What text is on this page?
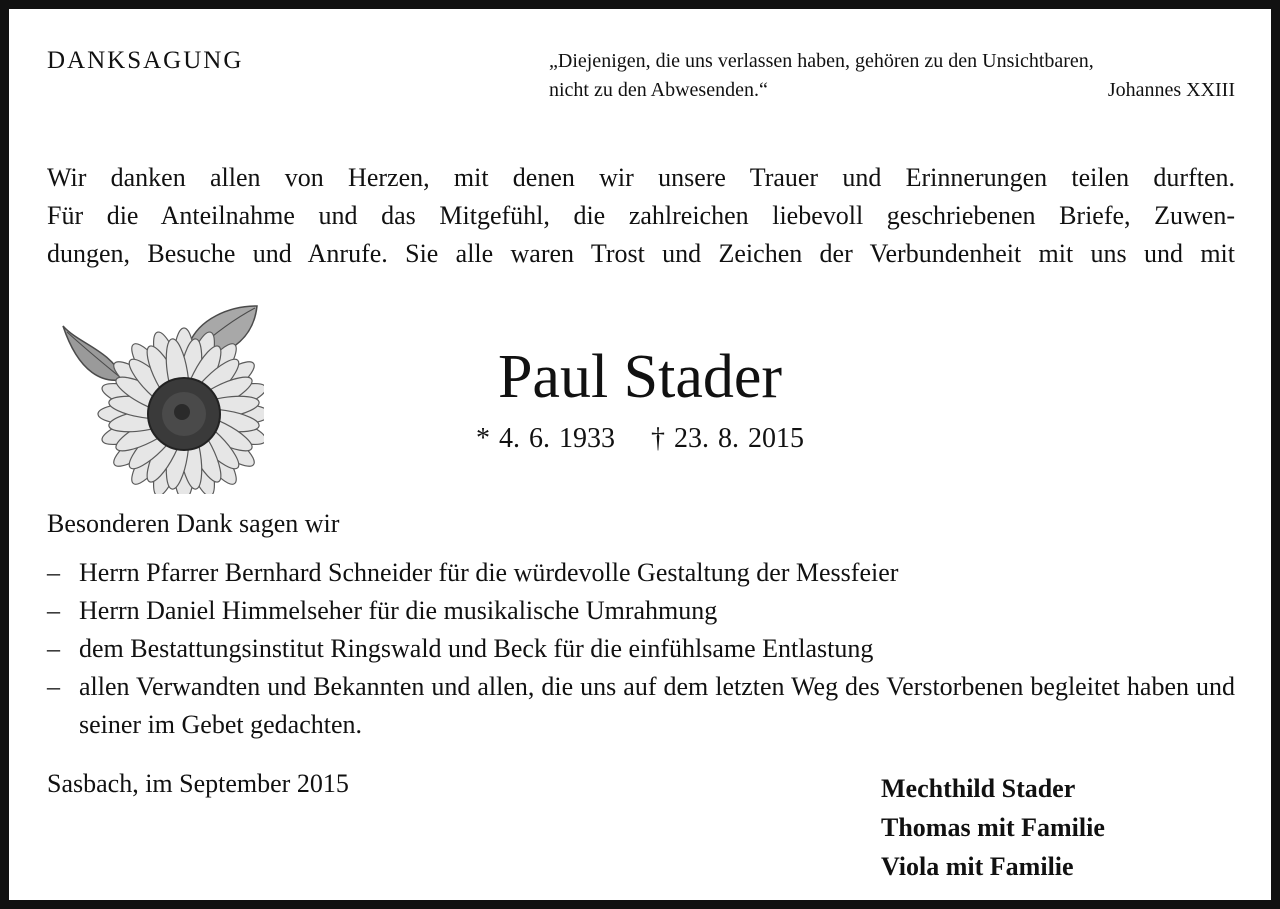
DANKSAGUNG	„Diejenigen, die uns verlassen haben, gehören zu den Unsichtbaren,
nicht zu den Abwesenden.“	Johannes XXIII
Wir danken allen von Herzen, mit denen wir unsere Trauer und Erinnerungen teilen durften.
Für die Anteilnahme und das Mitgefühl, die zahlreichen liebevoll geschriebenen Briefe, Zuwen-
dungen, Besuche und Anrufe. Sie alle waren Trost und Zeichen der Verbundenheit mit uns und mit
Paul Stader
* 4. 6. 1933 † 23. 8. 2015
Besonderen Dank sagen wir
– Herrn Pfarrer Bernhard Schneider für die würdevolle Gestaltung der Messfeier
– Herrn Daniel Himmelseher für die musikalische Umrahmung
– dem Bestattungsinstitut Ringswald und Beck für die einfühlsame Entlastung
– allen Verwandten und Bekannten und allen, die uns auf dem letzten Weg des Verstorbenen begleitet haben und seiner im Gebet gedachten.
Sasbach, im September 2015	Mechthild Stader
Thomas mit Familie
Viola mit Familie
